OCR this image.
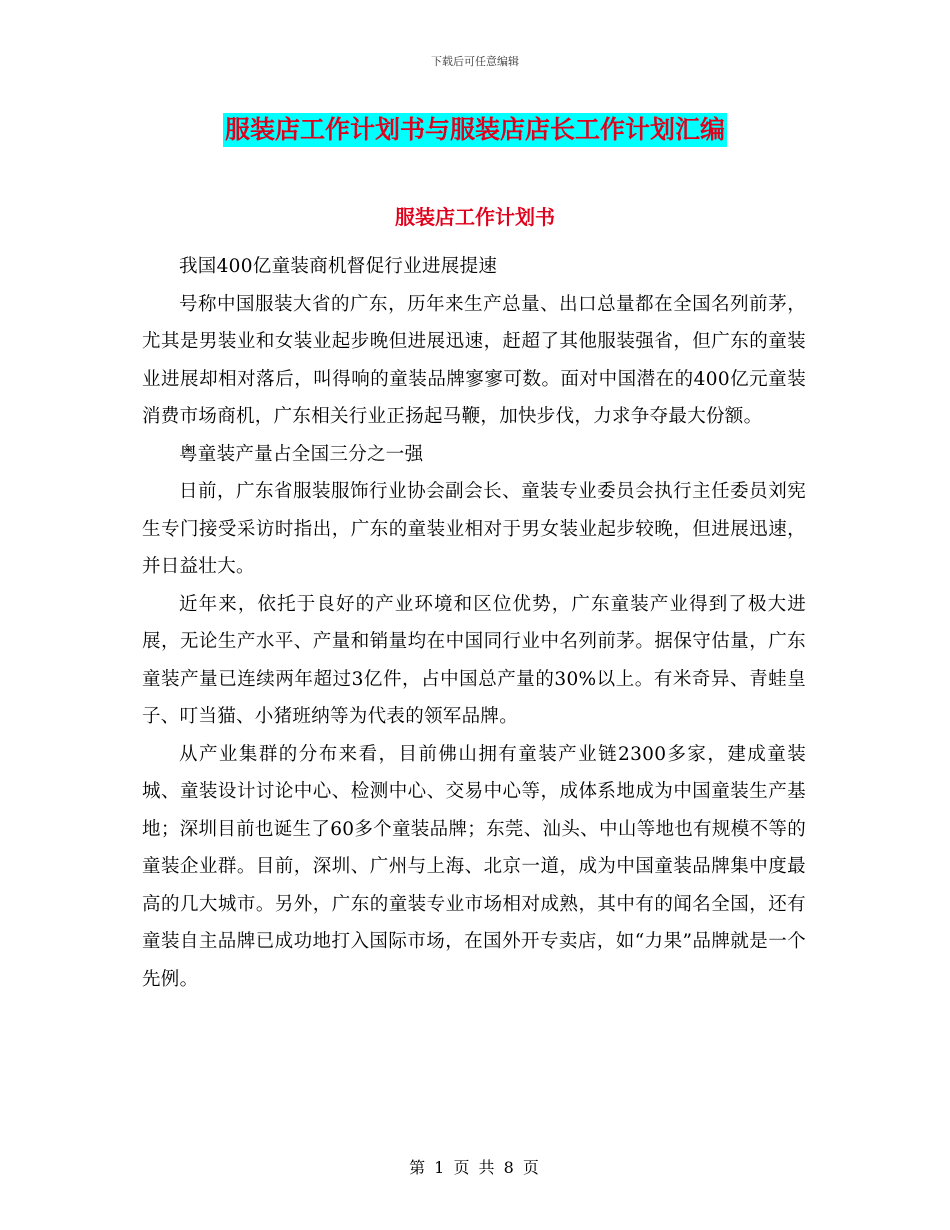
下载后可任意编辑
服装店工作计划书与服装店店长工作计划汇编
服装店工作计划书

我国400亿童装商机督促行业进展提速

号称中国服装大省的广东，历年来生产总量、出口总量都在全国名列前茅，尤其是男装业和女装业起步晚但进展迅速，赶超了其他服装强省，但广东的童装业进展却相对落后，叫得响的童装品牌寥寥可数。面对中国潜在的400亿元童装消费市场商机，广东相关行业正扬起马鞭，加快步伐，力求争夺最大份额。

粤童装产量占全国三分之一强

日前，广东省服装服饰行业协会副会长、童装专业委员会执行主任委员刘宪生专门接受采访时指出，广东的童装业相对于男女装业起步较晚，但进展迅速，并日益壮大。

近年来，依托于良好的产业环境和区位优势，广东童装产业得到了极大进展，无论生产水平、产量和销量均在中国同行业中名列前茅。据保守估量，广东童装产量已连续两年超过3亿件，占中国总产量的30%以上。有米奇异、青蛙皇子、叮当猫、小猪班纳等为代表的领军品牌。

从产业集群的分布来看，目前佛山拥有童装产业链2300多家，建成童装城、童装设计讨论中心、检测中心、交易中心等，成体系地成为中国童装生产基地；深圳目前也诞生了60多个童装品牌；东莞、汕头、中山等地也有规模不等的童装企业群。目前，深圳、广州与上海、北京一道，成为中国童装品牌集中度最高的几大城市。另外，广东的童装专业市场相对成熟，其中有的闻名全国，还有童装自主品牌已成功地打入国际市场，在国外开专卖店，如“力果”品牌就是一个先例。

第 1 页 共 8 页
